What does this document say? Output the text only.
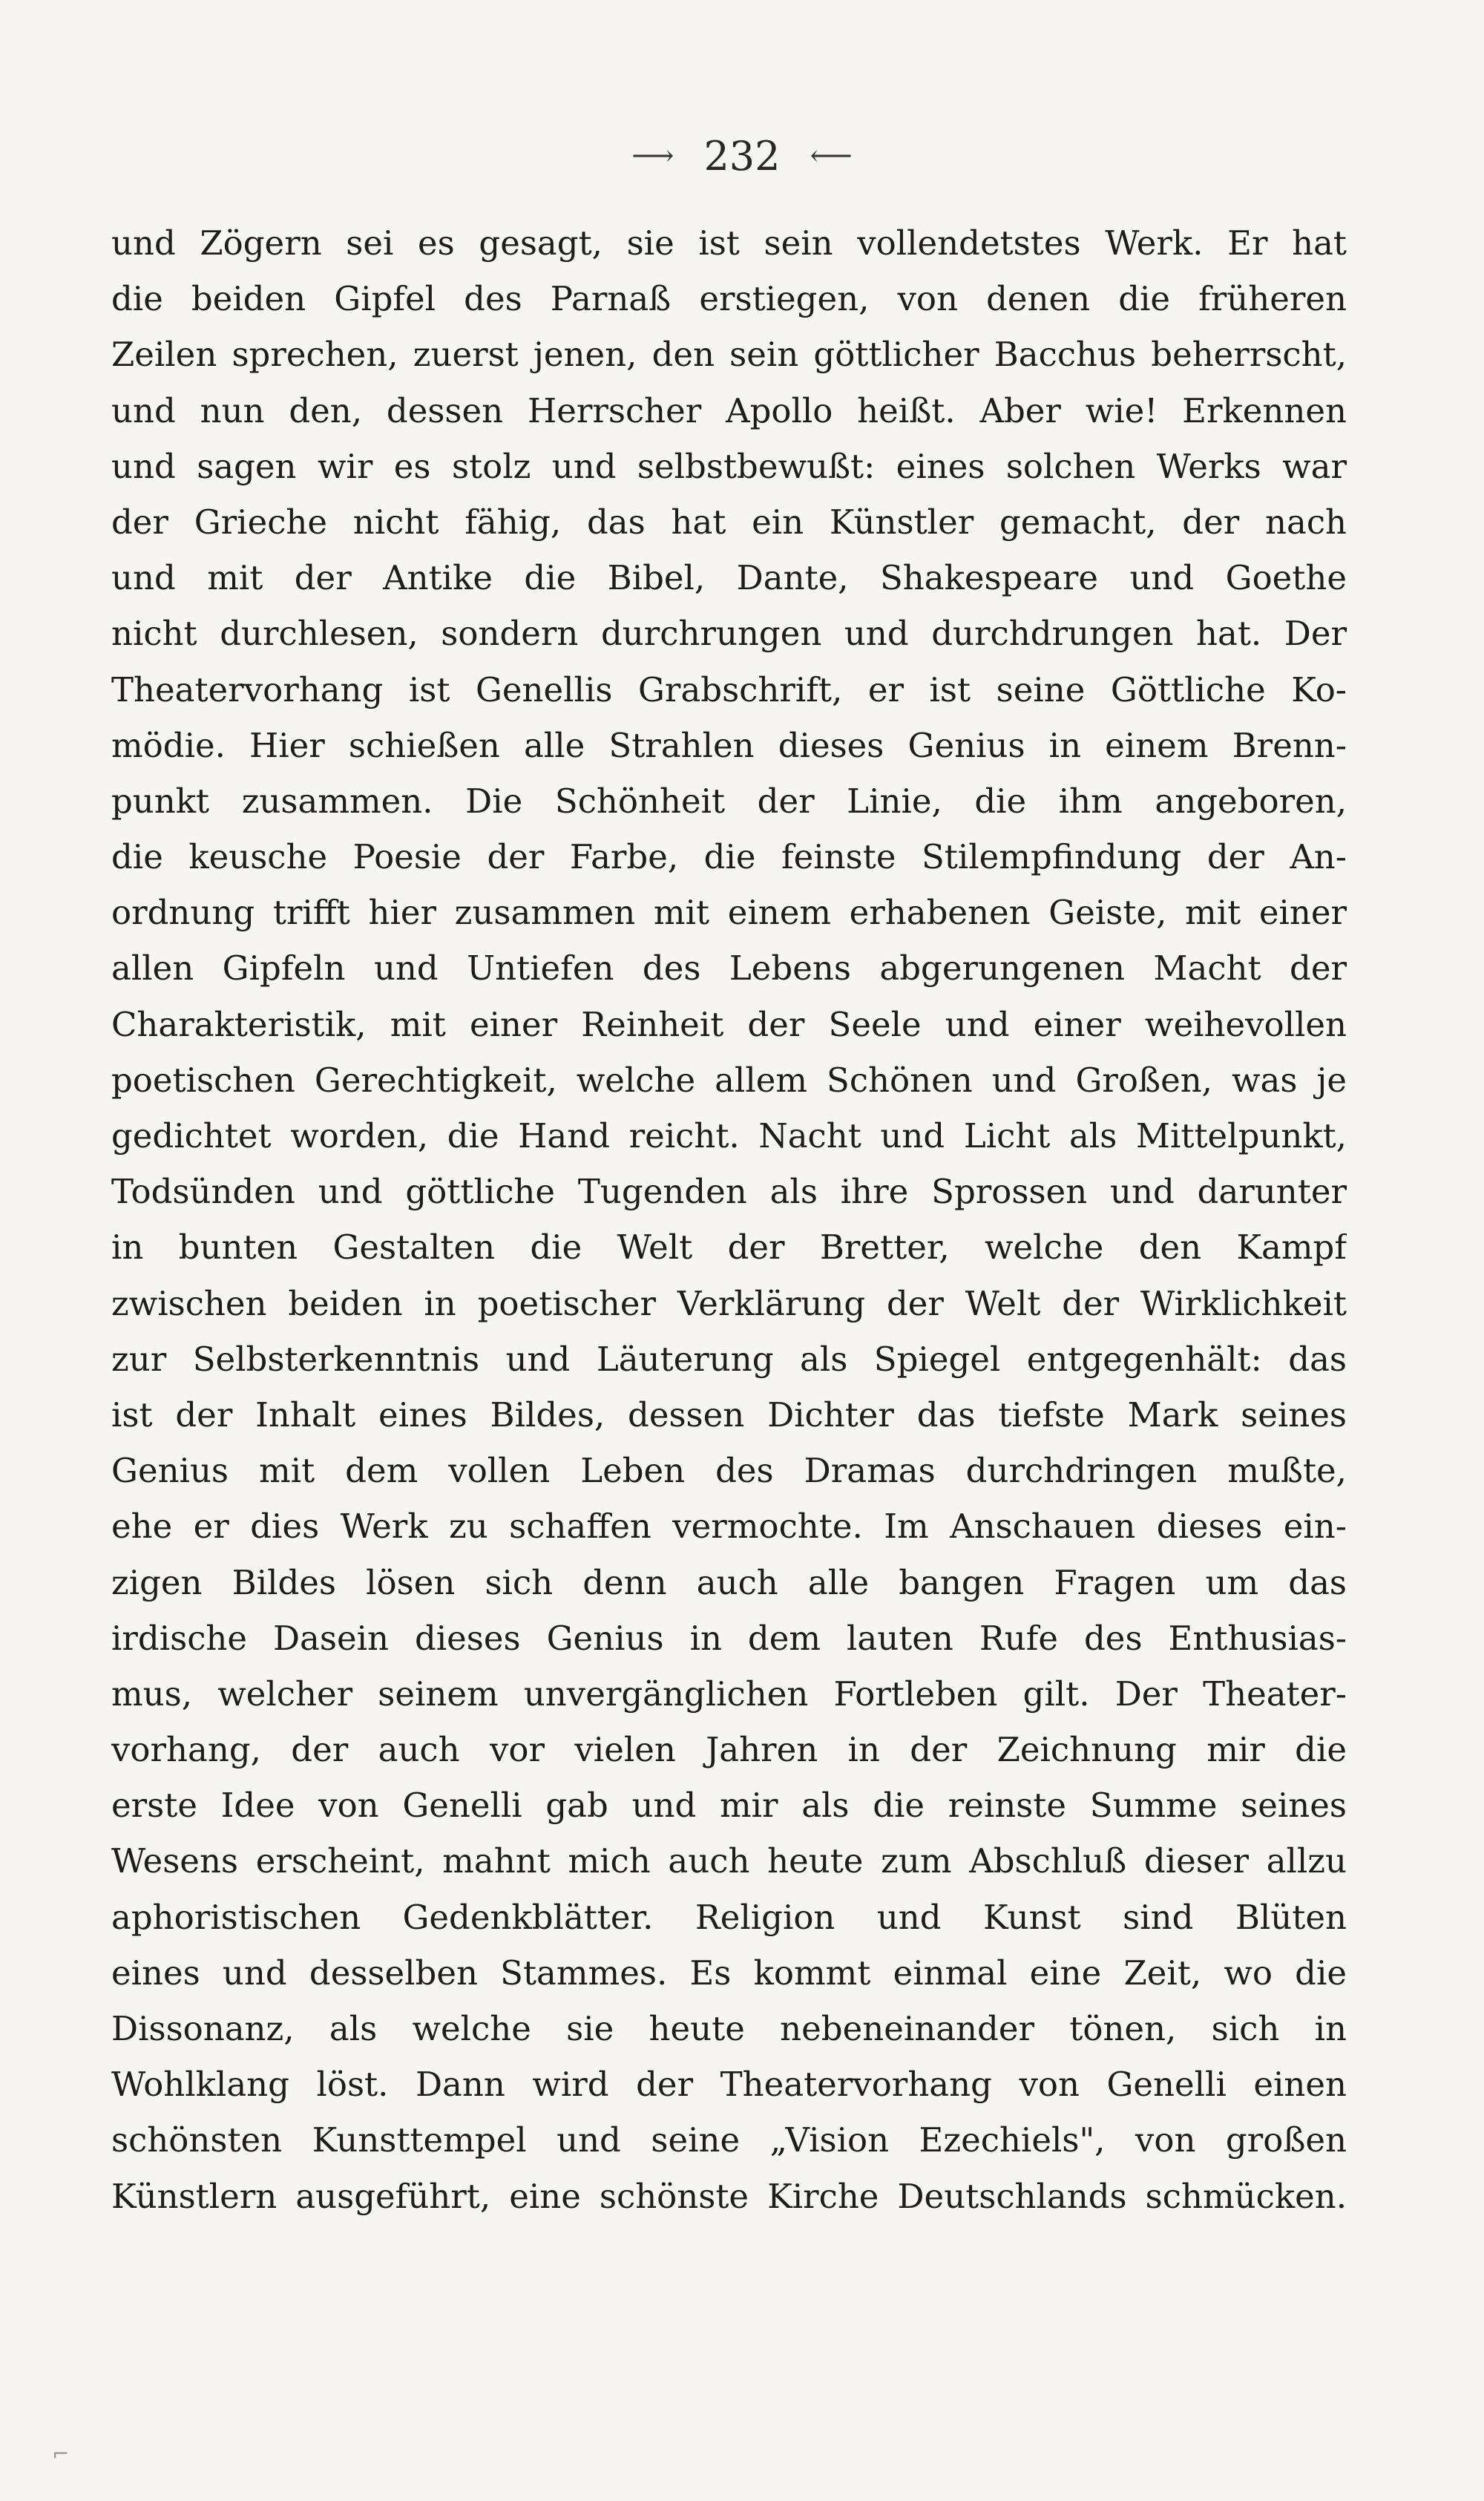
⟶ 232 ⟵
und Zögern sei es gesagt, sie ist sein vollendetstes Werk. Er hat
die beiden Gipfel des Parnaß erstiegen, von denen die früheren
Zeilen sprechen, zuerst jenen, den sein göttlicher Bacchus beherrscht,
und nun den, dessen Herrscher Apollo heißt. Aber wie! Erkennen
und sagen wir es stolz und selbstbewußt: eines solchen Werks war
der Grieche nicht fähig, das hat ein Künstler gemacht, der nach
und mit der Antike die Bibel, Dante, Shakespeare und Goethe
nicht durchlesen, sondern durchrungen und durchdrungen hat. Der
Theatervorhang ist Genellis Grabschrift, er ist seine Göttliche Ko-
mödie. Hier schießen alle Strahlen dieses Genius in einem Brenn-
punkt zusammen. Die Schönheit der Linie, die ihm angeboren,
die keusche Poesie der Farbe, die feinste Stilempfindung der An-
ordnung trifft hier zusammen mit einem erhabenen Geiste, mit einer
allen Gipfeln und Untiefen des Lebens abgerungenen Macht der
Charakteristik, mit einer Reinheit der Seele und einer weihevollen
poetischen Gerechtigkeit, welche allem Schönen und Großen, was je
gedichtet worden, die Hand reicht. Nacht und Licht als Mittelpunkt,
Todsünden und göttliche Tugenden als ihre Sprossen und darunter
in bunten Gestalten die Welt der Bretter, welche den Kampf
zwischen beiden in poetischer Verklärung der Welt der Wirklichkeit
zur Selbsterkenntnis und Läuterung als Spiegel entgegenhält: das
ist der Inhalt eines Bildes, dessen Dichter das tiefste Mark seines
Genius mit dem vollen Leben des Dramas durchdringen mußte,
ehe er dies Werk zu schaffen vermochte. Im Anschauen dieses ein-
zigen Bildes lösen sich denn auch alle bangen Fragen um das
irdische Dasein dieses Genius in dem lauten Rufe des Enthusias-
mus, welcher seinem unvergänglichen Fortleben gilt. Der Theater-
vorhang, der auch vor vielen Jahren in der Zeichnung mir die
erste Idee von Genelli gab und mir als die reinste Summe seines
Wesens erscheint, mahnt mich auch heute zum Abschluß dieser allzu
aphoristischen Gedenkblätter. Religion und Kunst sind Blüten
eines und desselben Stammes. Es kommt einmal eine Zeit, wo die
Dissonanz, als welche sie heute nebeneinander tönen, sich in
Wohlklang löst. Dann wird der Theatervorhang von Genelli einen
schönsten Kunsttempel und seine „Vision Ezechiels", von großen
Künstlern ausgeführt, eine schönste Kirche Deutschlands schmücken.
⌐
